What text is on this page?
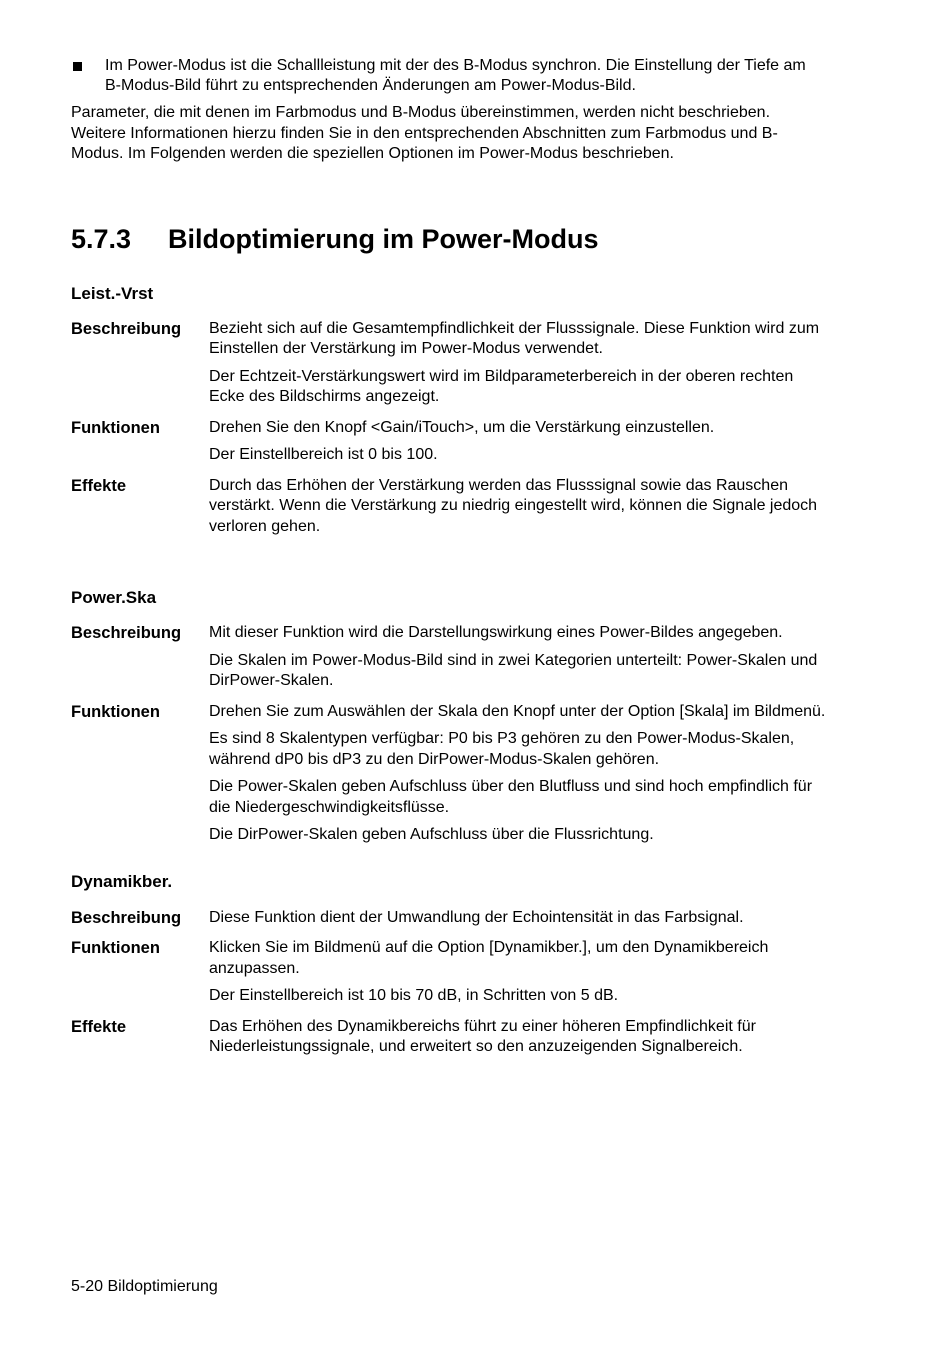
Im Power-Modus ist die Schallleistung mit der des B-Modus synchron. Die Einstellung der Tiefe am B-Modus-Bild führt zu entsprechenden Änderungen am Power-Modus-Bild.
Parameter, die mit denen im Farbmodus und B-Modus übereinstimmen, werden nicht beschrieben. Weitere Informationen hierzu finden Sie in den entsprechenden Abschnitten zum Farbmodus und B-Modus. Im Folgenden werden die speziellen Optionen im Power-Modus beschrieben.
5.7.3	Bildoptimierung im Power-Modus
Leist.-Vrst
Beschreibung	Bezieht sich auf die Gesamtempfindlichkeit der Flusssignale. Diese Funktion wird zum Einstellen der Verstärkung im Power-Modus verwendet.

Der Echtzeit-Verstärkungswert wird im Bildparameterbereich in der oberen rechten Ecke des Bildschirms angezeigt.

Funktionen	Drehen Sie den Knopf <Gain/iTouch>, um die Verstärkung einzustellen.

Der Einstellbereich ist 0 bis 100.

Effekte	Durch das Erhöhen der Verstärkung werden das Flusssignal sowie das Rauschen verstärkt. Wenn die Verstärkung zu niedrig eingestellt wird, können die Signale jedoch verloren gehen.

Power.Ska
Beschreibung	Mit dieser Funktion wird die Darstellungswirkung eines Power-Bildes angegeben.

Die Skalen im Power-Modus-Bild sind in zwei Kategorien unterteilt: Power-Skalen und DirPower-Skalen.

Funktionen	Drehen Sie zum Auswählen der Skala den Knopf unter der Option [Skala] im Bildmenü.

Es sind 8 Skalentypen verfügbar: P0 bis P3 gehören zu den Power-Modus-Skalen, während dP0 bis dP3 zu den DirPower-Modus-Skalen gehören.

Die Power-Skalen geben Aufschluss über den Blutfluss und sind hoch empfindlich für die Niedergeschwindigkeitsflüsse.

Die DirPower-Skalen geben Aufschluss über die Flussrichtung.

Dynamikber.
Beschreibung	Diese Funktion dient der Umwandlung der Echointensität in das Farbsignal.

Funktionen	Klicken Sie im Bildmenü auf die Option [Dynamikber.], um den Dynamikbereich anzupassen.

Der Einstellbereich ist 10 bis 70 dB, in Schritten von 5 dB.

Effekte	Das Erhöhen des Dynamikbereichs führt zu einer höheren Empfindlichkeit für Niederleistungssignale, und erweitert so den anzuzeigenden Signalbereich.

5-20 Bildoptimierung
